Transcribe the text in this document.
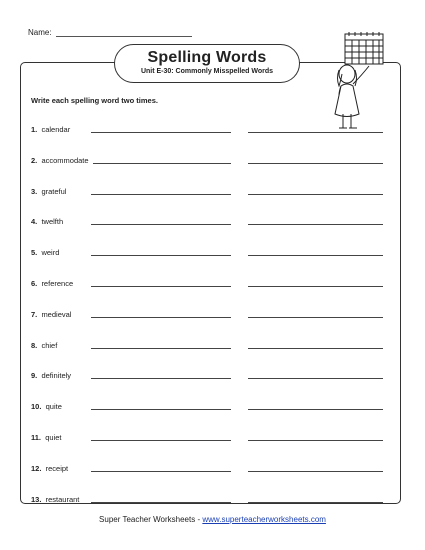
Name:
Spelling Words
Unit E-30: Commonly Misspelled Words
Write each spelling word two times.
1. calendar
2. accommodate
3. grateful
4. twelfth
5. weird
6. reference
7. medieval
8. chief
9. definitely
10. quite
11. quiet
12. receipt
13. restaurant
Super Teacher Worksheets - www.superteacherworksheets.com
